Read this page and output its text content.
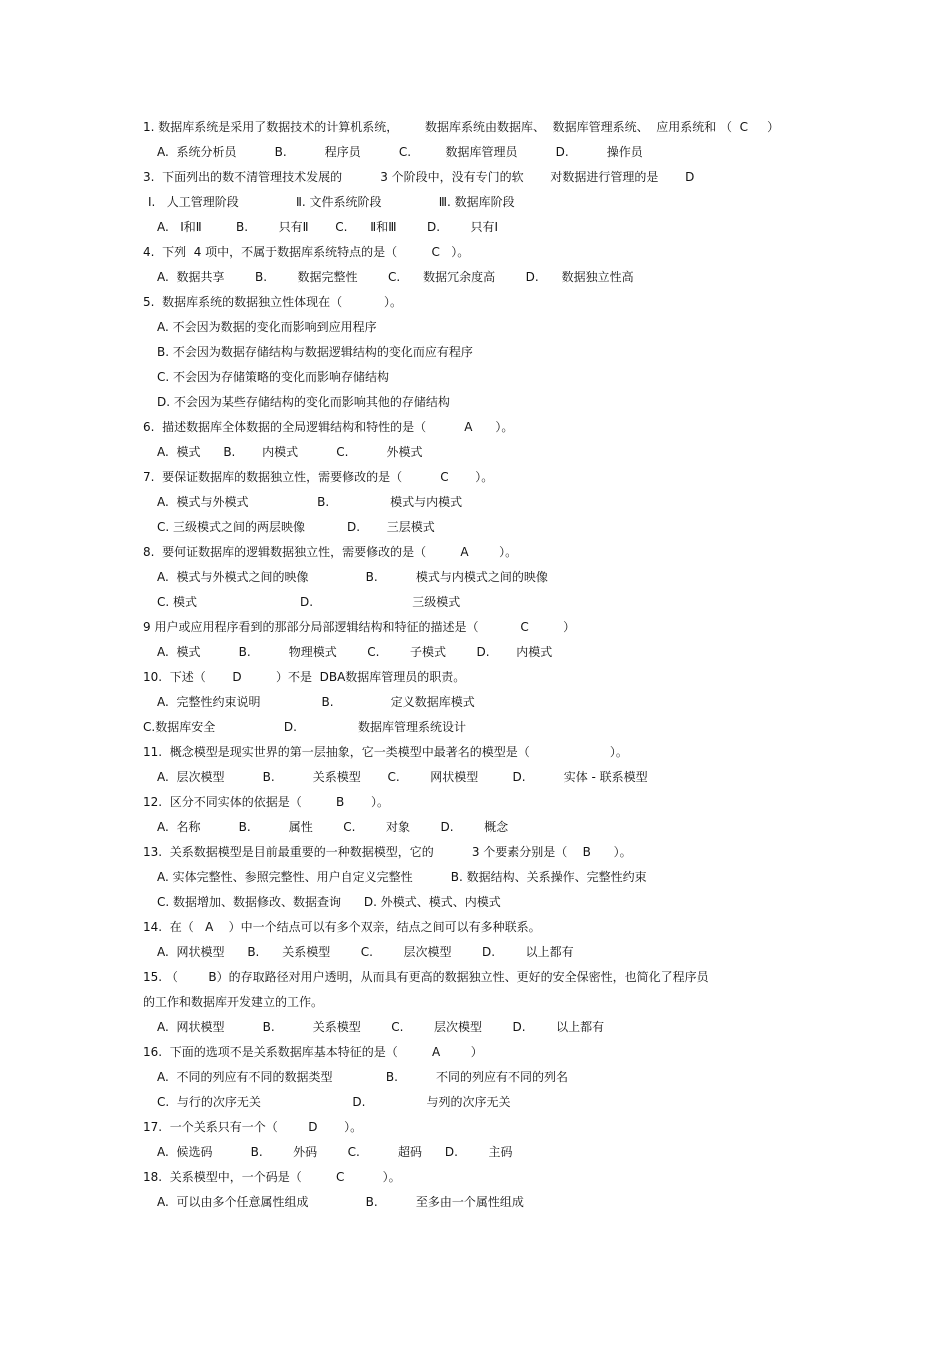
1. 数据库系统是采用了数据技术的计算机系统，       数据库系统由数据库、  数据库管理系统、  应用系统和 （  C     ）
A.  系统分析员          B.          程序员          C.         数据库管理员          D.          操作员
3.  下面列出的数不清管理技术发展的          3 个阶段中，没有专门的软       对数据进行管理的是       D
Ⅰ.   人工管理阶段               Ⅱ. 文件系统阶段               Ⅲ. 数据库阶段
A.   Ⅰ和Ⅱ         B.        只有Ⅱ       C.      Ⅱ和Ⅲ        D.        只有Ⅰ
4.  下列  4 项中，不属于数据库系统特点的是（         C   ）。
A.  数据共享        B.        数据完整性        C.      数据冗余度高        D.      数据独立性高
5.  数据库系统的数据独立性体现在（           ）。
A. 不会因为数据的变化而影响到应用程序
B. 不会因为数据存储结构与数据逻辑结构的变化而应有程序
C. 不会因为存储策略的变化而影响存储结构
D. 不会因为某些存储结构的变化而影响其他的存储结构
6.  描述数据库全体数据的全局逻辑结构和特性的是（          A      ）。
A.  模式      B.       内模式          C.          外模式
7.  要保证数据库的数据独立性，需要修改的是（          C       ）。
A.  模式与外模式                  B.                模式与内模式
C. 三级模式之间的两层映像           D.       三层模式
8.  要何证数据库的逻辑数据独立性，需要修改的是（         A        ）。
A.  模式与外模式之间的映像               B.          模式与内模式之间的映像
C. 模式                           D.                          三级模式
9 用户或应用程序看到的那部分局部逻辑结构和特征的描述是（           C         ）
A.  模式          B.          物理模式        C.        子模式        D.       内模式
10.  下述（       D         ）不是  DBA数据库管理员的职责。
A.  完整性约束说明                B.               定义数据库模式
C.数据库安全                  D.                数据库管理系统设计
11.  概念模型是现实世界的第一层抽象，它一类模型中最著名的模型是（                     ）。
A.  层次模型          B.          关系模型       C.        网状模型         D.          实体 - 联系模型
12.  区分不同实体的依据是（         B       ）。
A.  名称          B.          属性        C.        对象        D.        概念
13.  关系数据模型是目前最重要的一种数据模型，它的          3 个要素分别是（    B      ）。
A. 实体完整性、参照完整性、用户自定义完整性          B. 数据结构、关系操作、完整性约束
C. 数据增加、数据修改、数据查询      D. 外模式、模式、内模式
14.  在（   A    ）中一个结点可以有多个双亲，结点之间可以有多种联系。
A.  网状模型      B.      关系模型        C.        层次模型        D.        以上都有
15. （        B）的存取路径对用户透明，从而具有更高的数据独立性、更好的安全保密性，也简化了程序员
的工作和数据库开发建立的工作。
A.  网状模型          B.          关系模型        C.        层次模型        D.        以上都有
16.  下面的选项不是关系数据库基本特征的是（         A        ）
A.  不同的列应有不同的数据类型              B.          不同的列应有不同的列名
C.  与行的次序无关                        D.                与列的次序无关
17.  一个关系只有一个（        D       ）。
A.  候选码          B.        外码        C.          超码      D.        主码
18.  关系模型中，一个码是（         C          ）。
A.  可以由多个任意属性组成               B.          至多由一个属性组成
